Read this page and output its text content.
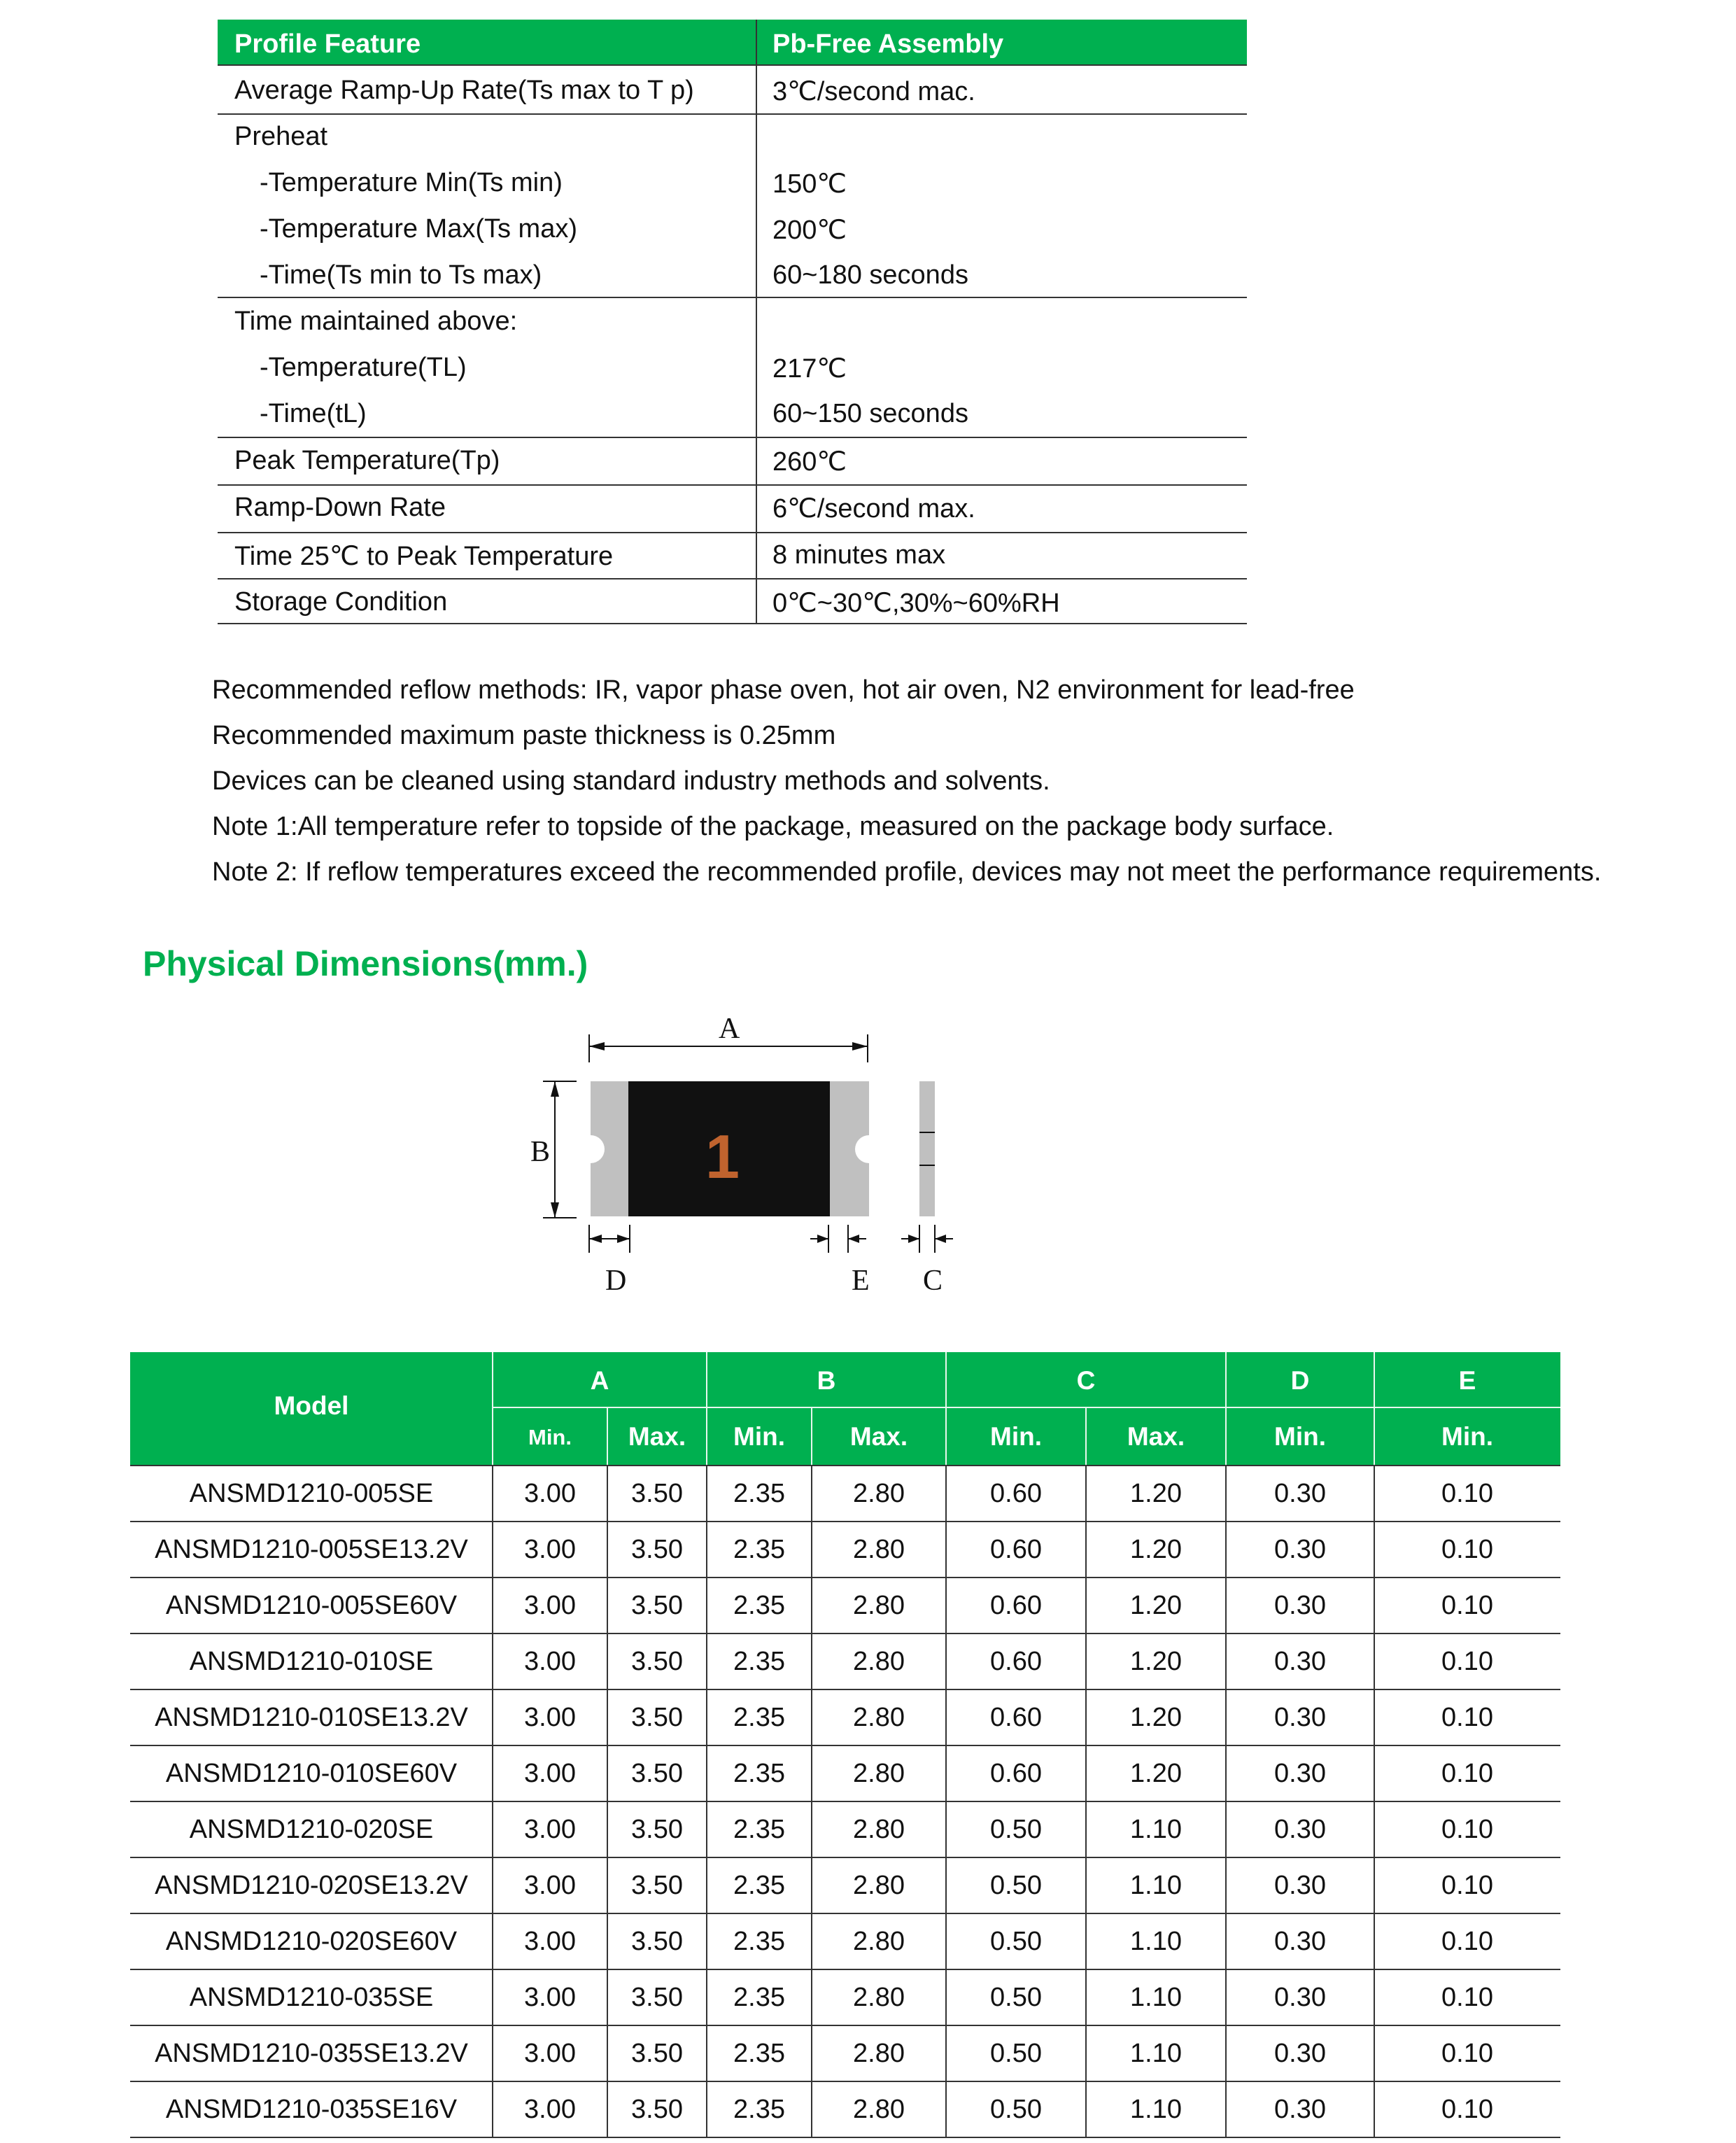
Profile Feature	Pb-Free Assembly
Average Ramp-Up Rate(Ts max to T p)	3℃/second mac.
Preheat
-Temperature Min(Ts min)	150℃
-Temperature Max(Ts max)	200℃
-Time(Ts min to Ts max)	60~180 seconds
Time maintained above:
-Temperature(TL)	217℃
-Time(tL)	60~150 seconds
Peak Temperature(Tp)	260℃
Ramp-Down Rate	6℃/second max.
Time 25℃ to Peak Temperature	8 minutes max
Storage Condition	0℃~30℃,30%~60%RH
Recommended reflow methods: IR, vapor phase oven, hot air oven, N2 environment for lead-free
Recommended maximum paste thickness is 0.25mm
Devices can be cleaned using standard industry methods and solvents.
Note 1:All temperature refer to topside of the package, measured on the package body surface.
Note 2: If reflow temperatures exceed the recommended profile, devices may not meet the performance requirements.
Physical Dimensions(mm.)
A
B
D	E C
1
Model
A	B	C	D	E
Min.	Max.	Min.	Max.	Min.	Max.	Min.	Min.
ANSMD1210-005SE	3.00	3.50	2.35	2.80	0.60	1.20	0.30	0.10
ANSMD1210-005SE13.2V	3.00	3.50	2.35	2.80	0.60	1.20	0.30	0.10
ANSMD1210-005SE60V	3.00	3.50	2.35	2.80	0.60	1.20	0.30	0.10
ANSMD1210-010SE	3.00	3.50	2.35	2.80	0.60	1.20	0.30	0.10
ANSMD1210-010SE13.2V	3.00	3.50	2.35	2.80	0.60	1.20	0.30	0.10
ANSMD1210-010SE60V	3.00	3.50	2.35	2.80	0.60	1.20	0.30	0.10
ANSMD1210-020SE	3.00	3.50	2.35	2.80	0.50	1.10	0.30	0.10
ANSMD1210-020SE13.2V	3.00	3.50	2.35	2.80	0.50	1.10	0.30	0.10
ANSMD1210-020SE60V	3.00	3.50	2.35	2.80	0.50	1.10	0.30	0.10
ANSMD1210-035SE	3.00	3.50	2.35	2.80	0.50	1.10	0.30	0.10
ANSMD1210-035SE13.2V	3.00	3.50	2.35	2.80	0.50	1.10	0.30	0.10
ANSMD1210-035SE16V	3.00	3.50	2.35	2.80	0.50	1.10	0.30	0.10
